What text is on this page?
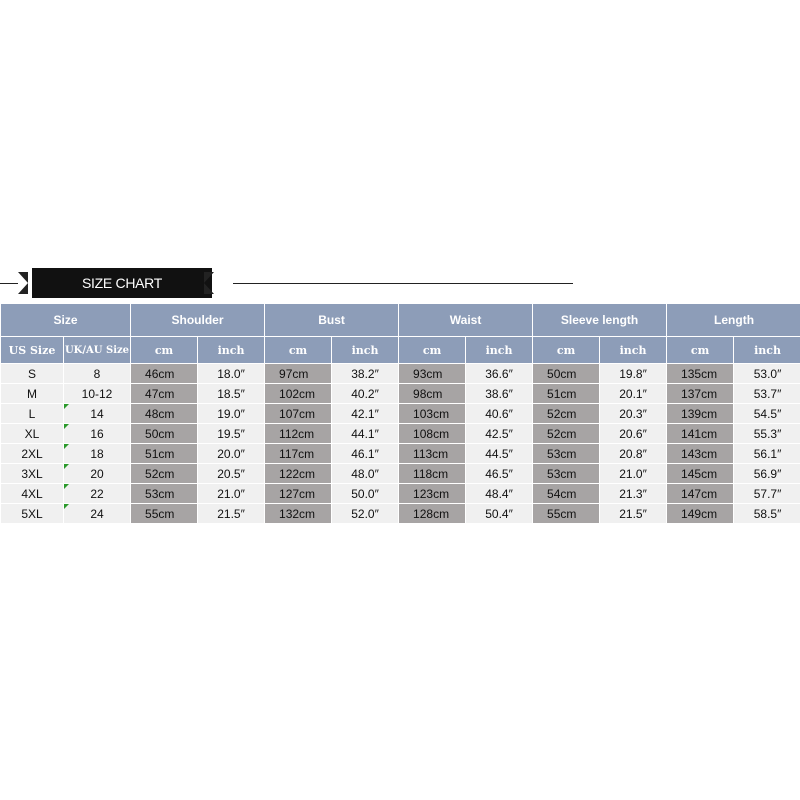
SIZE CHART
Size		Shoulder		Bust		Waist		Sleeve length		Length	
US Size	UK/AU Size	cm	inch	cm	inch	cm	inch	cm	inch	cm	inch
S	8	46cm	18.0″	97cm	38.2″	93cm	36.6″	50cm	19.8″	135cm	53.0″
M	10-12	47cm	18.5″	102cm	40.2″	98cm	38.6″	51cm	20.1″	137cm	53.7″
L	14	48cm	19.0″	107cm	42.1″	103cm	40.6″	52cm	20.3″	139cm	54.5″
XL	16	50cm	19.5″	112cm	44.1″	108cm	42.5″	52cm	20.6″	141cm	55.3″
2XL	18	51cm	20.0″	117cm	46.1″	113cm	44.5″	53cm	20.8″	143cm	56.1″
3XL	20	52cm	20.5″	122cm	48.0″	118cm	46.5″	53cm	21.0″	145cm	56.9″
4XL	22	53cm	21.0″	127cm	50.0″	123cm	48.4″	54cm	21.3″	147cm	57.7″
5XL	24	55cm	21.5″	132cm	52.0″	128cm	50.4″	55cm	21.5″	149cm	58.5″
